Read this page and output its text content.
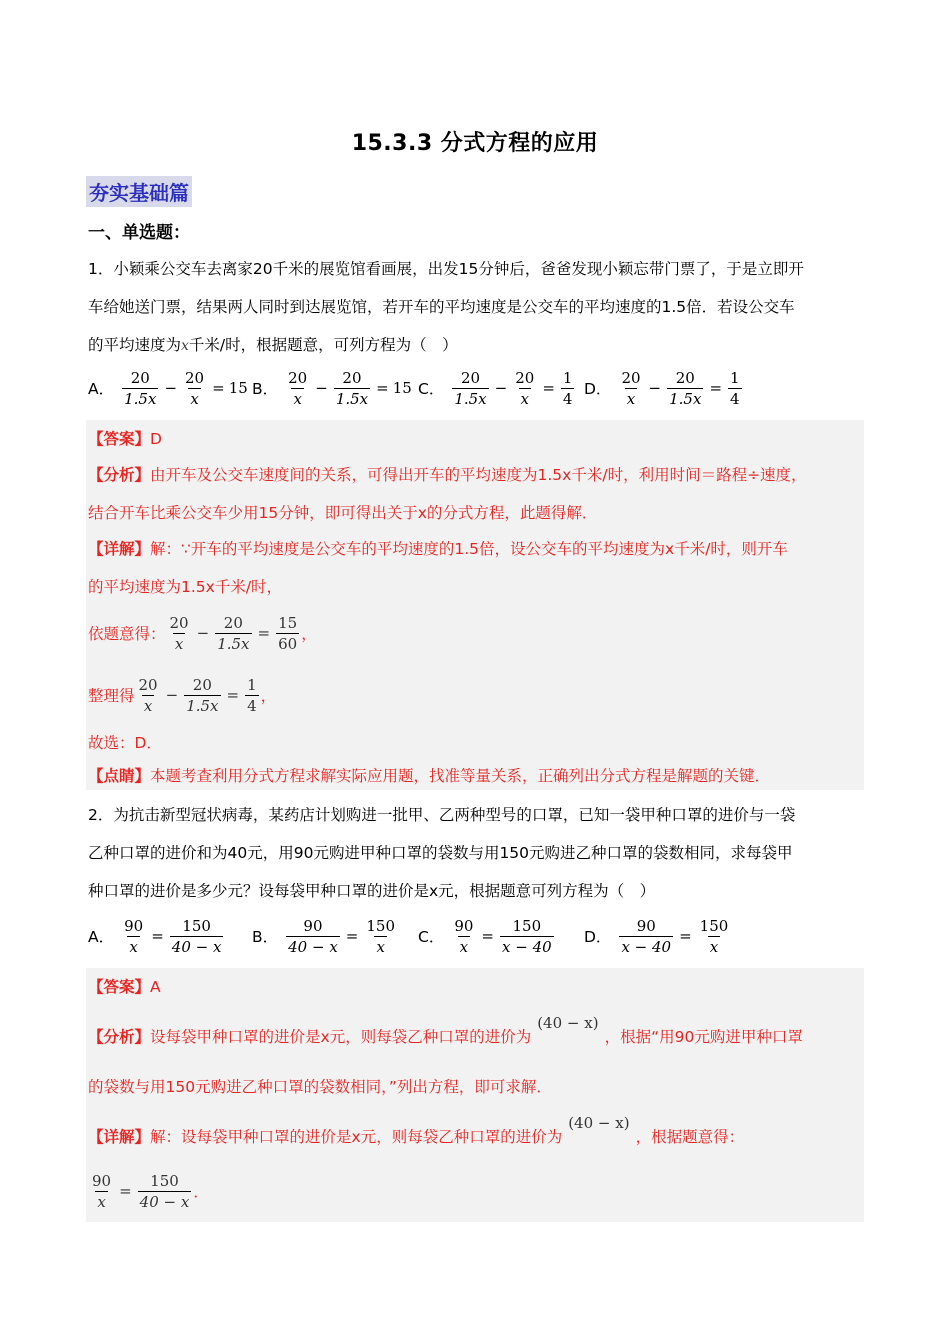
15.3.3 分式方程的应用
夯实基础篇
一、单选题：
1．小颖乘公交车去离家20千米的展览馆看画展，出发15分钟后，爸爸发现小颖忘带门票了，于是立即开
车给她送门票，结果两人同时到达展览馆，若开车的平均速度是公交车的平均速度的1.5倍．若设公交车
的平均速度为x千米/时，根据题意，可列方程为（　）
A． $\frac{20}{1.5x} - \frac{20}{x} = 15$ B． $\frac{20}{x} - \frac{20}{1.5x} = 15$ C． $\frac{20}{1.5x} - \frac{20}{x} = \frac{1}{4}$ D． $\frac{20}{x} - \frac{20}{1.5x} = \frac{1}{4}$
【答案】D
【分析】由开车及公交车速度间的关系，可得出开车的平均速度为1.5x千米/时，利用时间＝路程÷速度，
结合开车比乘公交车少用15分钟，即可得出关于x的分式方程，此题得解．
【详解】解：∵开车的平均速度是公交车的平均速度的1.5倍，设公交车的平均速度为x千米/时，则开车
的平均速度为1.5x千米/时，
依题意得： $\frac{20}{x} - \frac{20}{1.5x} = \frac{15}{60}$ ，
整理得 $\frac{20}{x} - \frac{20}{1.5x} = \frac{1}{4}$ ，
故选：D．
【点睛】本题考查利用分式方程求解实际应用题，找准等量关系，正确列出分式方程是解题的关键．
2．为抗击新型冠状病毒，某药店计划购进一批甲、乙两种型号的口罩，已知一袋甲种口罩的进价与一袋
乙种口罩的进价和为40元，用90元购进甲种口罩的袋数与用150元购进乙种口罩的袋数相同，求每袋甲
种口罩的进价是多少元？设每袋甲种口罩的进价是x元，根据题意可列方程为（　）
A． $\frac{90}{x} = \frac{150}{40 - x}$ B． $\frac{90}{40 - x} = \frac{150}{x}$ C． $\frac{90}{x} = \frac{150}{x - 40}$ D． $\frac{90}{x - 40} = \frac{150}{x}$
【答案】A
【分析】设每袋甲种口罩的进价是x元，则每袋乙种口罩的进价为(40 − x)，根据“用90元购进甲种口罩
的袋数与用150元购进乙种口罩的袋数相同，”列出方程，即可求解．
【详解】解：设每袋甲种口罩的进价是x元，则每袋乙种口罩的进价为(40 − x)，根据题意得：
$\frac{90}{x} = \frac{150}{40 - x}$ ．
